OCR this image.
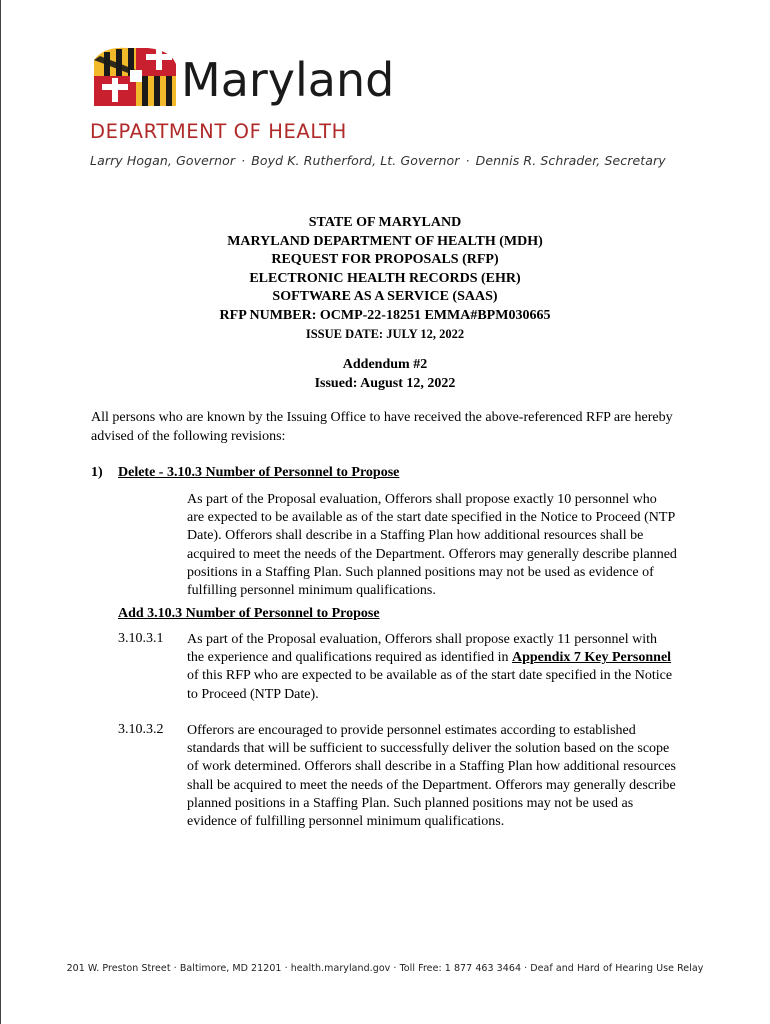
Maryland
DEPARTMENT OF HEALTH
Larry Hogan, Governor · Boyd K. Rutherford, Lt. Governor · Dennis R. Schrader, Secretary
STATE OF MARYLAND
MARYLAND DEPARTMENT OF HEALTH (MDH)
REQUEST FOR PROPOSALS (RFP)
ELECTRONIC HEALTH RECORDS (EHR)
SOFTWARE AS A SERVICE (SAAS)
RFP NUMBER: OCMP-22-18251 EMMA#BPM030665
ISSUE DATE: JULY 12, 2022
Addendum #2
Issued: August 12, 2022
All persons who are known by the Issuing Office to have received the above-referenced RFP are hereby advised of the following revisions:
1) Delete - 3.10.3 Number of Personnel to Propose
As part of the Proposal evaluation, Offerors shall propose exactly 10 personnel who are expected to be available as of the start date specified in the Notice to Proceed (NTP Date). Offerors shall describe in a Staffing Plan how additional resources shall be acquired to meet the needs of the Department. Offerors may generally describe planned positions in a Staffing Plan. Such planned positions may not be used as evidence of fulfilling personnel minimum qualifications.
Add 3.10.3 Number of Personnel to Propose
3.10.3.1 As part of the Proposal evaluation, Offerors shall propose exactly 11 personnel with the experience and qualifications required as identified in Appendix 7 Key Personnel of this RFP who are expected to be available as of the start date specified in the Notice to Proceed (NTP Date).
3.10.3.2 Offerors are encouraged to provide personnel estimates according to established standards that will be sufficient to successfully deliver the solution based on the scope of work determined. Offerors shall describe in a Staffing Plan how additional resources shall be acquired to meet the needs of the Department. Offerors may generally describe planned positions in a Staffing Plan. Such planned positions may not be used as evidence of fulfilling personnel minimum qualifications.
201 W. Preston Street · Baltimore, MD 21201 · health.maryland.gov · Toll Free: 1 877 463 3464 · Deaf and Hard of Hearing Use Relay
